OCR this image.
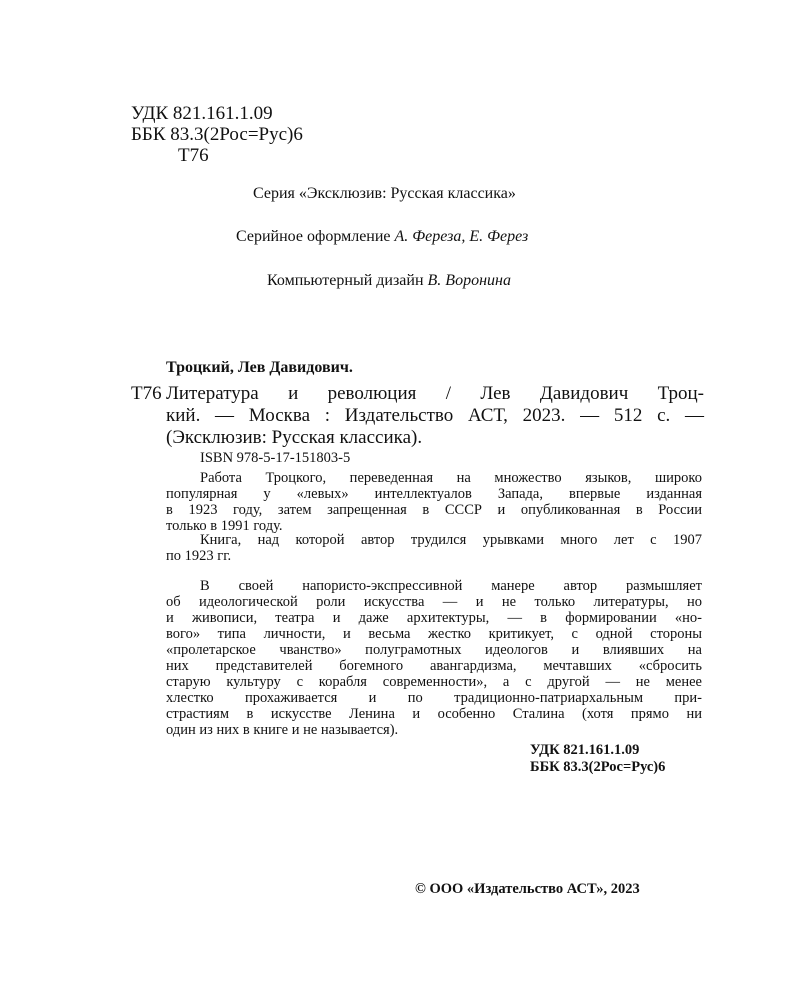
УДК 821.161.1.09
ББК 83.3(2Рос=Рус)6
Т76
Серия «Эксклюзив: Русская классика»
Серийное оформление А. Фереза, Е. Ферез
Компьютерный дизайн В. Воронина
Троцкий, Лев Давидович.
Т76 Литература и революция / Лев Давидович Троц-
кий. — Москва : Издательство АСТ, 2023. — 512 с. —
(Эксклюзив: Русская классика).
ISBN 978-5-17-151803-5
Работа Троцкого, переведенная на множество языков, широко
популярная у «левых» интеллектуалов Запада, впервые изданная
в 1923 году, затем запрещенная в СССР и опубликованная в России
только в 1991 году.
Книга, над которой автор трудился урывками много лет с 1907
по 1923 гг.
В своей напористо-экспрессивной манере автор размышляет
об идеологической роли искусства — и не только литературы, но
и живописи, театра и даже архитектуры, — в формировании «но-
вого» типа личности, и весьма жестко критикует, с одной стороны
«пролетарское чванство» полуграмотных идеологов и влиявших на
них представителей богемного авангардизма, мечтавших «сбросить
старую культуру с корабля современности», а с другой — не менее
хлестко прохаживается и по традиционно-патриархальным при-
страстиям в искусстве Ленина и особенно Сталина (хотя прямо ни
один из них в книге и не называется).
УДК 821.161.1.09
ББК 83.3(2Рос=Рус)6
© ООО «Издательство АСТ», 2023
